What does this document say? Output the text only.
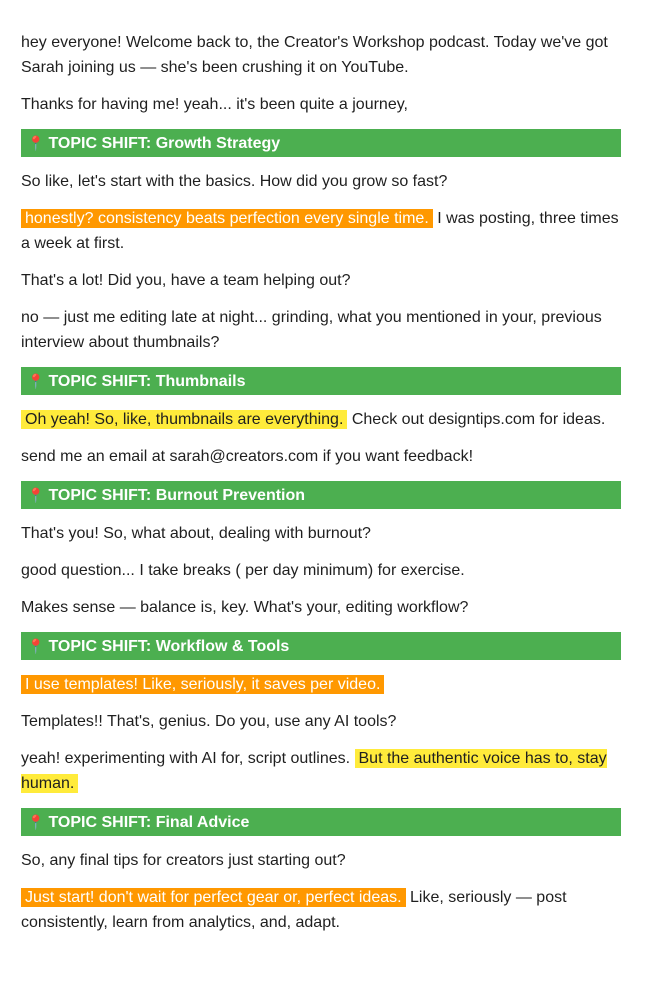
hey everyone! Welcome back to, the Creator's Workshop podcast. Today we've got Sarah joining us — she's been crushing it on YouTube.
Thanks for having me! yeah... it's been quite a journey,
📍 TOPIC SHIFT: Growth Strategy
So like, let's start with the basics. How did you grow so fast?
honestly? consistency beats perfection every single time. I was posting, three times a week at first.
That's a lot! Did you, have a team helping out?
no — just me editing late at night... grinding, what you mentioned in your, previous interview about thumbnails?
📍 TOPIC SHIFT: Thumbnails
Oh yeah! So, like, thumbnails are everything. Check out designtips.com for ideas.
send me an email at sarah@creators.com if you want feedback!
📍 TOPIC SHIFT: Burnout Prevention
That's you! So, what about, dealing with burnout?
good question... I take breaks ( per day minimum) for exercise.
Makes sense — balance is, key. What's your, editing workflow?
📍 TOPIC SHIFT: Workflow & Tools
I use templates! Like, seriously, it saves per video.
Templates!! That's, genius. Do you, use any AI tools?
yeah! experimenting with AI for, script outlines. But the authentic voice has to, stay human.
📍 TOPIC SHIFT: Final Advice
So, any final tips for creators just starting out?
Just start! don't wait for perfect gear or, perfect ideas. Like, seriously — post consistently, learn from analytics, and, adapt.
